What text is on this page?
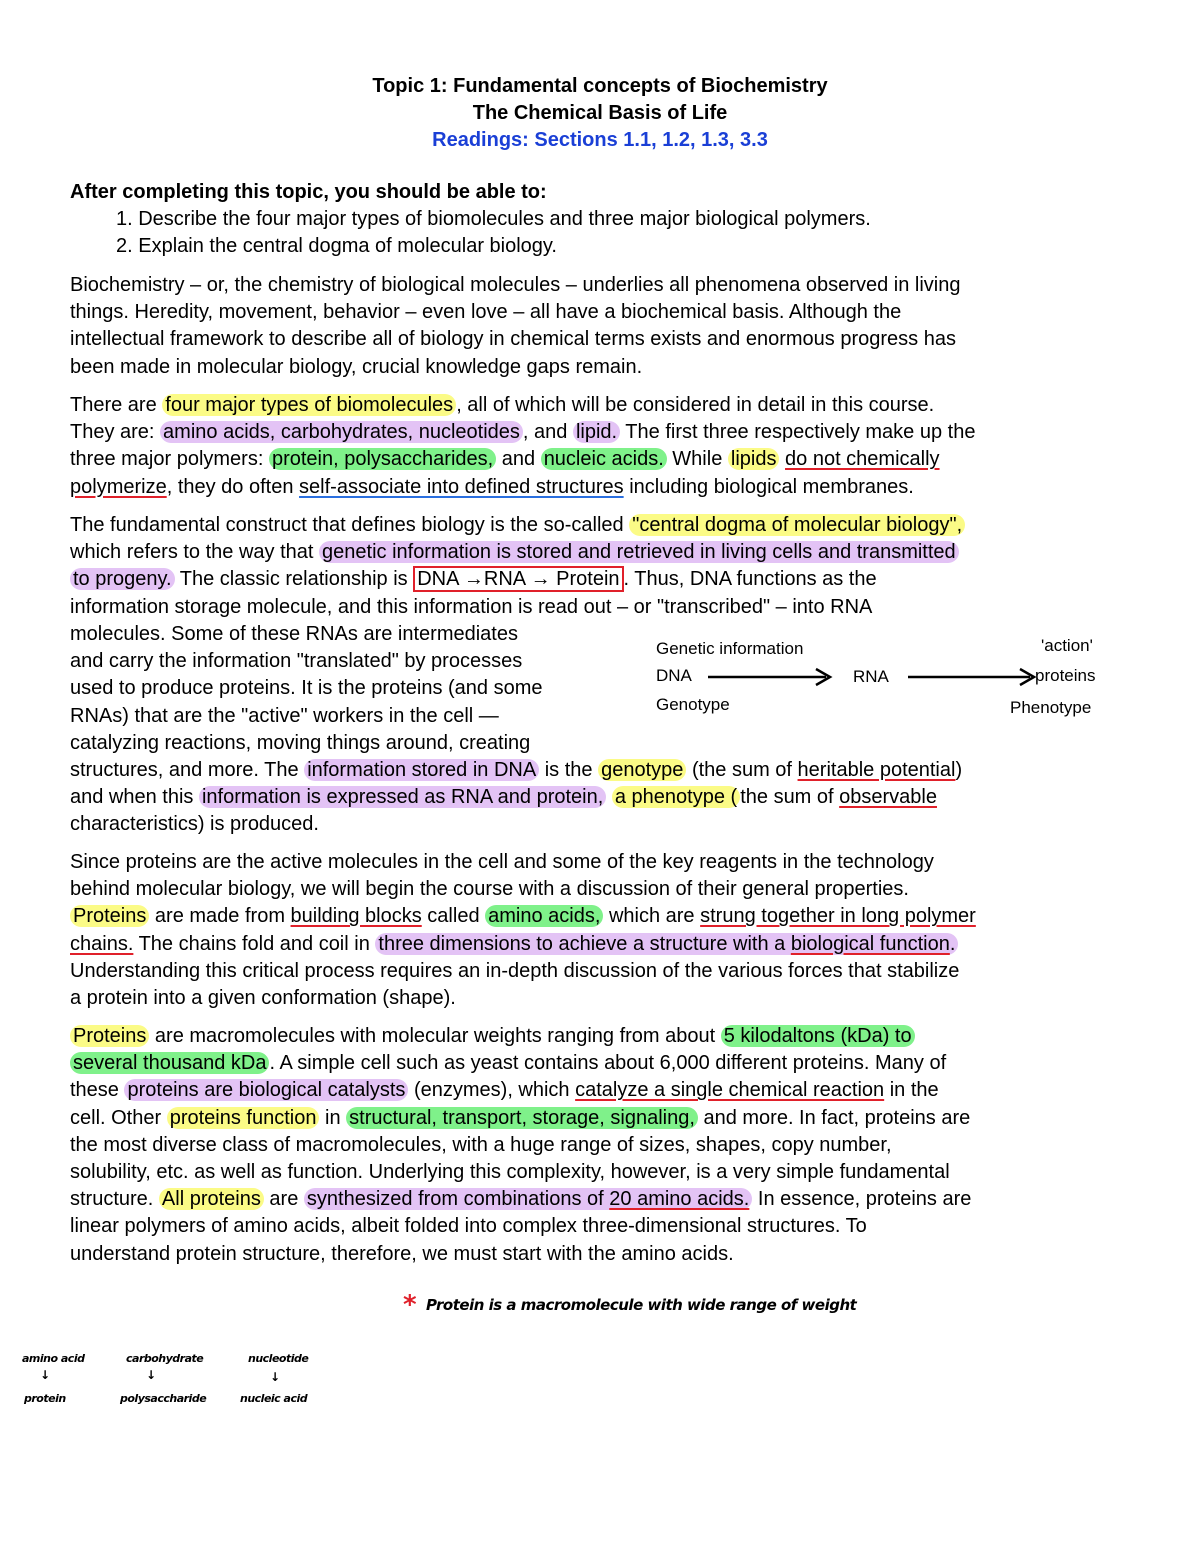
Topic 1: Fundamental concepts of Biochemistry
The Chemical Basis of Life
Readings: Sections 1.1, 1.2, 1.3, 3.3
After completing this topic, you should be able to:
1. Describe the four major types of biomolecules and three major biological polymers.
2. Explain the central dogma of molecular biology.

Biochemistry – or, the chemistry of biological molecules – underlies all phenomena observed in living

things. Heredity, movement, behavior – even love – all have a biochemical basis. Although the

intellectual framework to describe all of biology in chemical terms exists and enormous progress has

been made in molecular biology, crucial knowledge gaps remain.

There are four major types of biomolecules , all of which will be considered in detail in this course.

They are: amino acids, carbohydrates, nucleotides , and lipid. The first three respectively make up the

three major polymers: protein, polysaccharides, and nucleic acids. While lipids do not chemically

polymerize, they do often self-associate into defined structures including biological membranes.

The fundamental construct that defines biology is the so-called "central dogma of molecular biology",

which refers to the way that genetic information is stored and retrieved in living cells and transmitted

to progeny. The classic relationship is DNA →RNA → Protein . Thus, DNA functions as the

information storage molecule, and this information is read out – or "transcribed" – into RNA

molecules. Some of these RNAs are intermediates

and carry the information "translated" by processes

used to produce proteins. It is the proteins (and some

RNAs) that are the "active" workers in the cell —

catalyzing reactions, moving things around, creating

Genetic information	'action'
DNA	RNA	proteins
Genotype	Phenotype

structures, and more. The information stored in DNA is the genotype (the sum of heritable potential)

and when this information is expressed as RNA and protein, a phenotype ( the sum of observable

characteristics) is produced.

Since proteins are the active molecules in the cell and some of the key reagents in the technology

behind molecular biology, we will begin the course with a discussion of their general properties.

Proteins are made from building blocks called amino acids, which are strung together in long polymer

chains. The chains fold and coil in three dimensions to achieve a structure with a biological function.

Understanding this critical process requires an in-depth discussion of the various forces that stabilize

a protein into a given conformation (shape).

Proteins are macromolecules with molecular weights ranging from about 5 kilodaltons (kDa) to

several thousand kDa . A simple cell such as yeast contains about 6,000 different proteins. Many of

these proteins are biological catalysts (enzymes), which catalyze a single chemical reaction in the

cell. Other proteins function in structural, transport, storage, signaling, and more. In fact, proteins are

the most diverse class of macromolecules, with a huge range of sizes, shapes, copy number,

solubility, etc. as well as function. Underlying this complexity, however, is a very simple fundamental

structure. All proteins are synthesized from combinations of 20 amino acids. In essence, proteins are

linear polymers of amino acids, albeit folded into complex three-dimensional structures. To

understand protein structure, therefore, we must start with the amino acids.

* Protein is a macromolecule with wide range of weight
amino acid
↓
protein
carbohydrate
↓
polysaccharide
nucleotide
↓
nucleic acid
